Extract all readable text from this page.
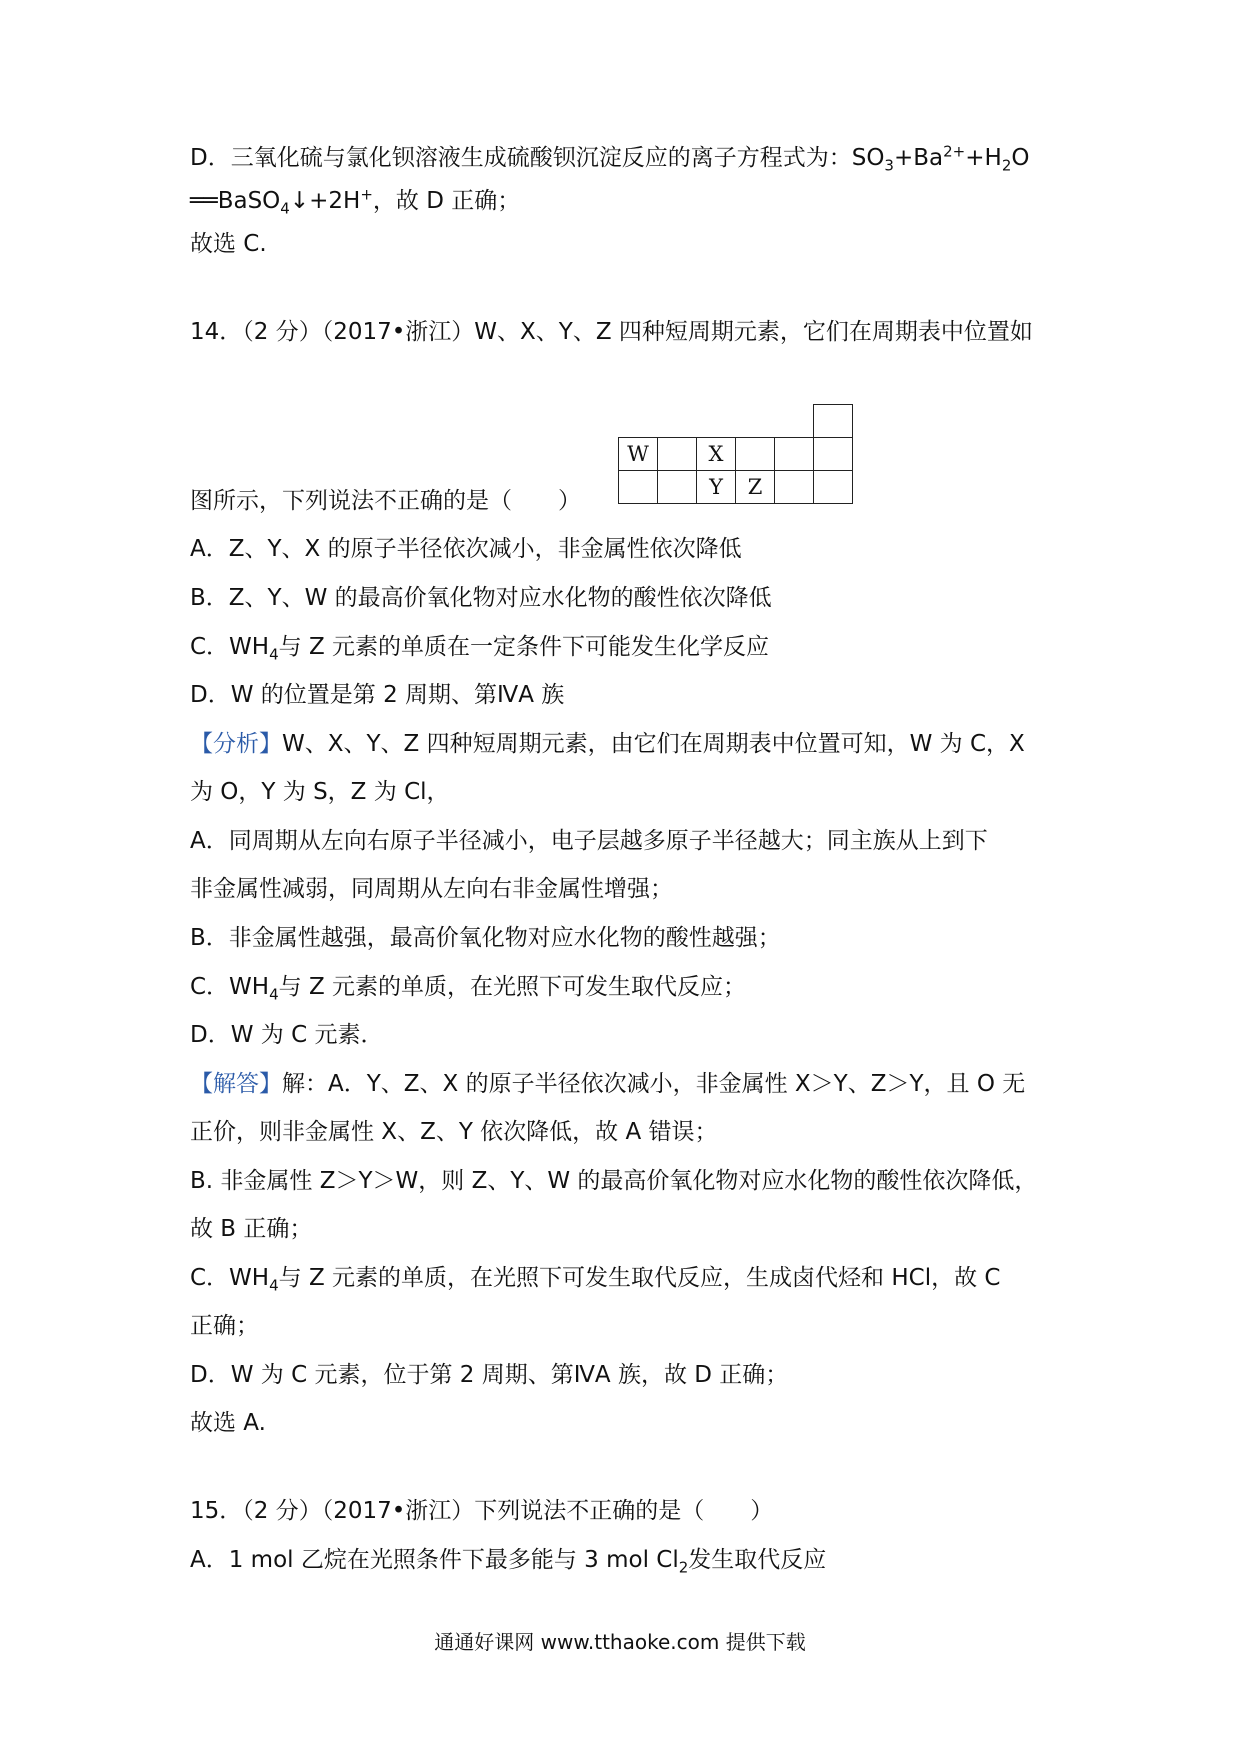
D．三氧化硫与氯化钡溶液生成硫酸钡沉淀反应的离子方程式为：$SO_3+Ba^{2+}+H_2O$
══BaSO$_4$↓+2H+，故 D 正确；
故选 C.
14．（2 分）（2017•浙江）W、X、Y、Z 四种短周期元素，它们在周期表中位置如

W		X			
		Y	Z		
图所示，下列说法不正确的是（　　）
A．Z、Y、X 的原子半径依次减小，非金属性依次降低
B．Z、Y、W 的最高价氧化物对应水化物的酸性依次降低
C．$WH_4$与 Z 元素的单质在一定条件下可能发生化学反应
D．W 的位置是第 2 周期、第ⅣA 族
【分析】W、X、Y、Z 四种短周期元素，由它们在周期表中位置可知，W 为 C，X
为 O，Y 为 S，Z 为 Cl，
A．同周期从左向右原子半径减小，电子层越多原子半径越大；同主族从上到下
非金属性减弱，同周期从左向右非金属性增强；
B．非金属性越强，最高价氧化物对应水化物的酸性越强；
C．$WH_4$与 Z 元素的单质，在光照下可发生取代反应；
D．W 为 C 元素．
【解答】解：A．Y、Z、X 的原子半径依次减小，非金属性 X＞Y、Z＞Y，且 O 无
正价，则非金属性 X、Z、Y 依次降低，故 A 错误；
B. 非金属性 Z＞Y＞W，则 Z、Y、W 的最高价氧化物对应水化物的酸性依次降低，
故 B 正确；
C．$WH_4$与 Z 元素的单质，在光照下可发生取代反应，生成卤代烃和 HCl，故 C
正确；
D．W 为 C 元素，位于第 2 周期、第ⅣA 族，故 D 正确；
故选 A.
15．（2 分）（2017•浙江）下列说法不正确的是（　　）
A．1 mol 乙烷在光照条件下最多能与 3 mol $Cl_2$发生取代反应
通通好课网 www.tthaoke.com 提供下载
